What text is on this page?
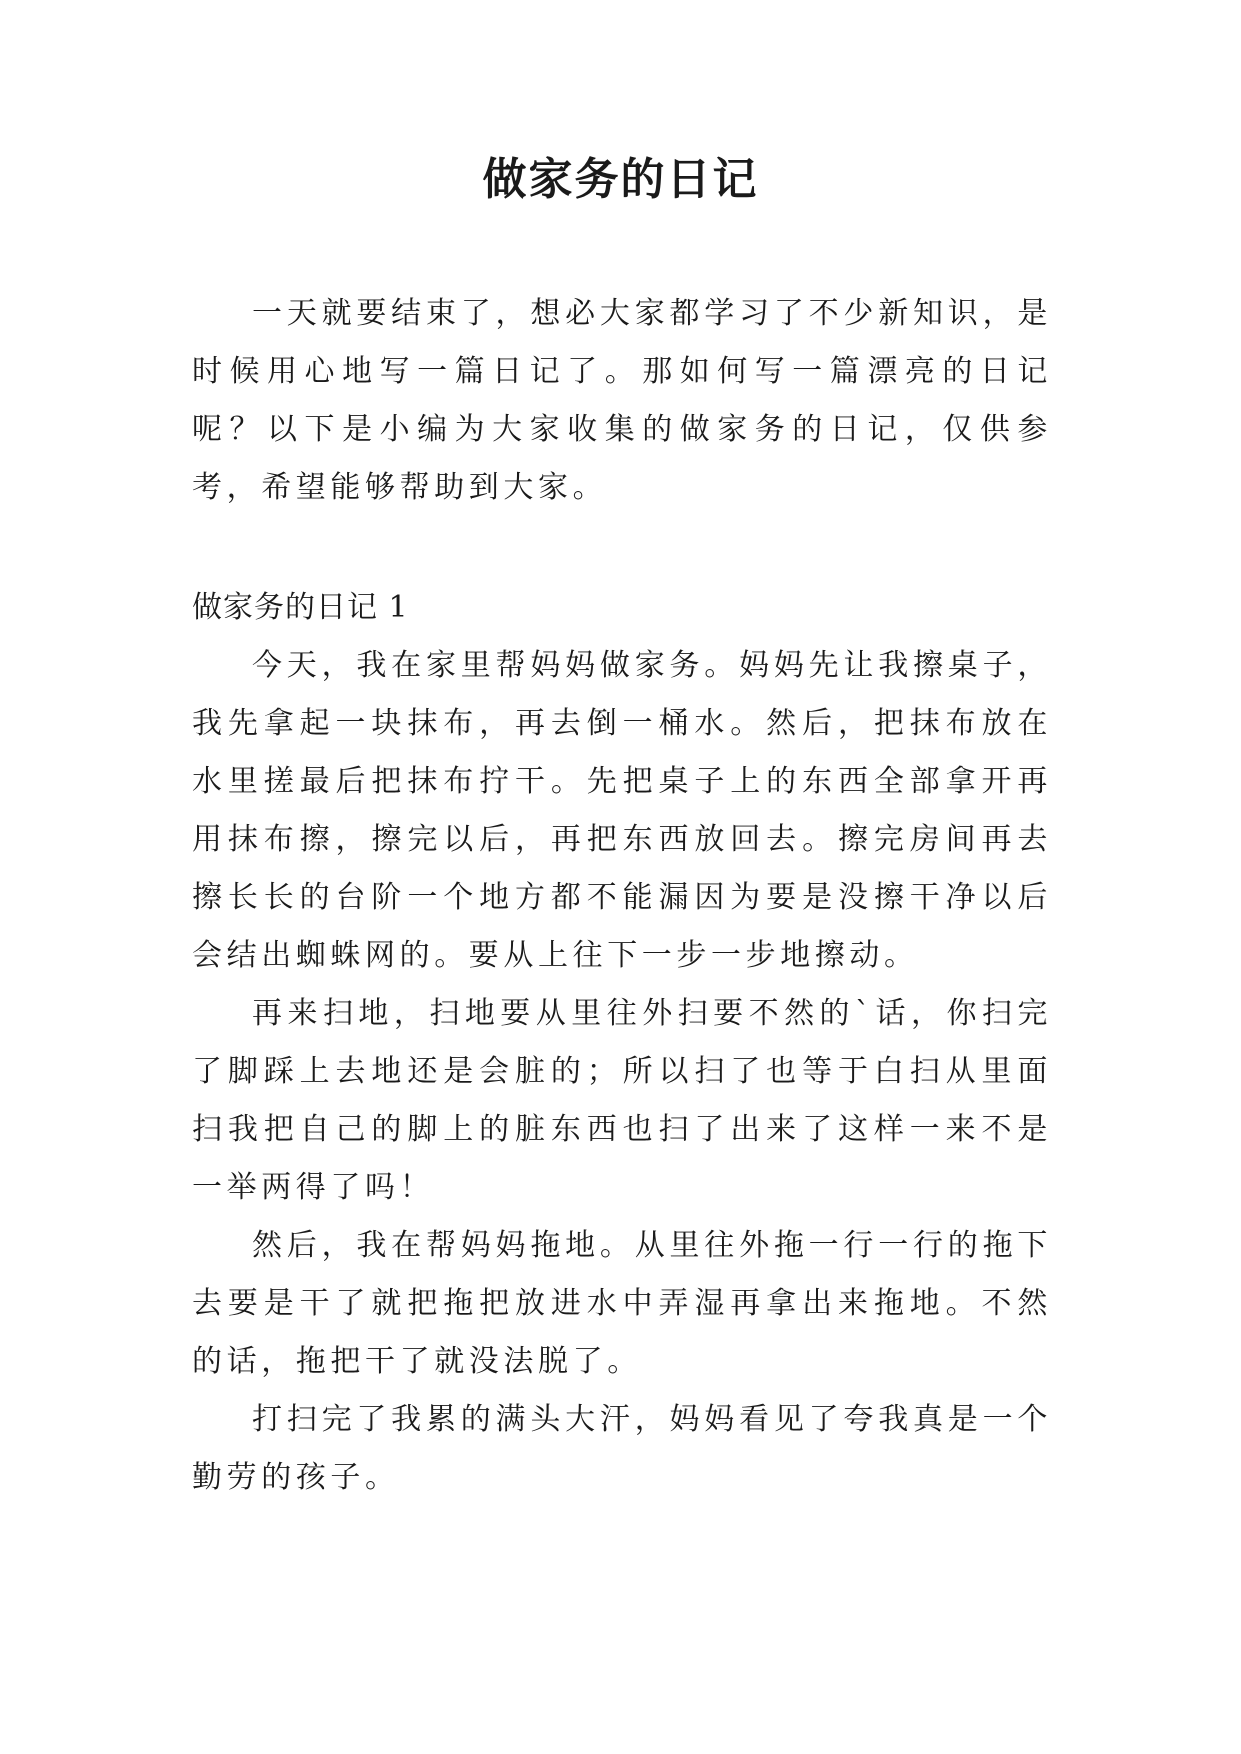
做家务的日记

一天就要结束了，想必大家都学习了不少新知识，是时候用心地写一篇日记了。那如何写一篇漂亮的日记呢？以下是小编为大家收集的做家务的日记，仅供参考，希望能够帮助到大家。

做家务的日记 1

今天，我在家里帮妈妈做家务。妈妈先让我擦桌子，我先拿起一块抹布，再去倒一桶水。然后，把抹布放在水里搓最后把抹布拧干。先把桌子上的东西全部拿开再用抹布擦，擦完以后，再把东西放回去。擦完房间再去擦长长的台阶一个地方都不能漏因为要是没擦干净以后会结出蜘蛛网的。要从上往下一步一步地擦动。

再来扫地，扫地要从里往外扫要不然的`话，你扫完了脚踩上去地还是会脏的；所以扫了也等于白扫从里面扫我把自己的脚上的脏东西也扫了出来了这样一来不是一举两得了吗！

然后，我在帮妈妈拖地。从里往外拖一行一行的拖下去要是干了就把拖把放进水中弄湿再拿出来拖地。不然的话，拖把干了就没法脱了。

打扫完了我累的满头大汗，妈妈看见了夸我真是一个勤劳的孩子。
